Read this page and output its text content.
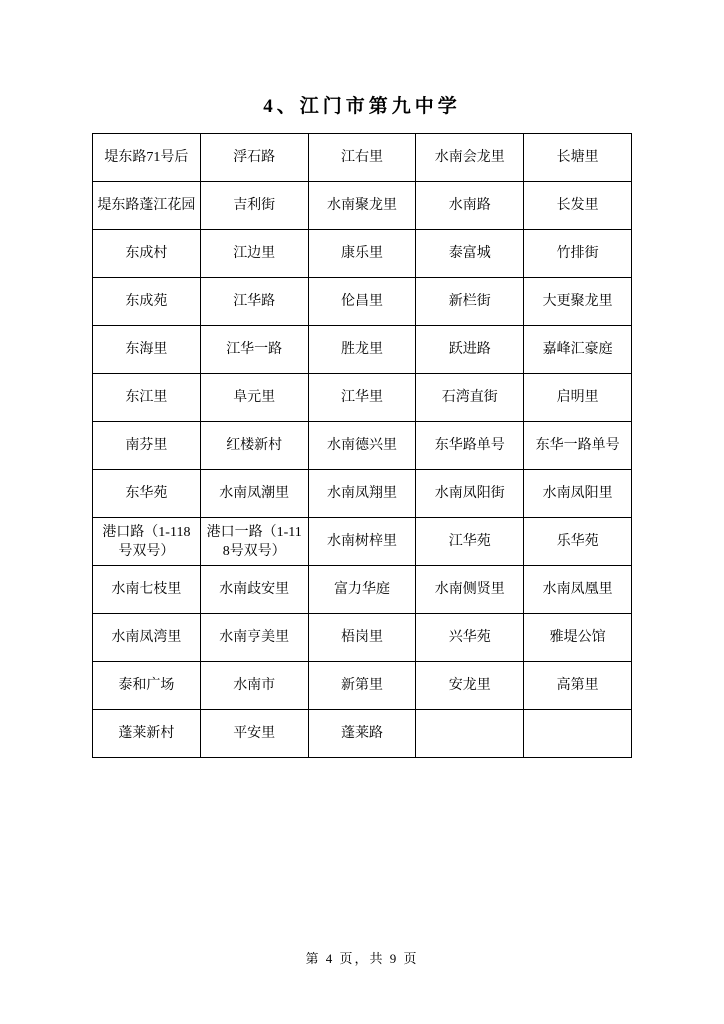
4、江门市第九中学
堤东路71号后	浮石路	江右里	水南会龙里	长塘里
堤东路蓬江花园	吉利街	水南聚龙里	水南路	长发里
东成村	江边里	康乐里	泰富城	竹排街
东成苑	江华路	伦昌里	新栏街	大更聚龙里
东海里	江华一路	胜龙里	跃进路	嘉峰汇豪庭
东江里	阜元里	江华里	石湾直街	启明里
南芬里	红楼新村	水南德兴里	东华路单号	东华一路单号
东华苑	水南凤潮里	水南凤翔里	水南凤阳街	水南凤阳里
港口路（1-118号双号）	港口一路（1-118号双号）	水南树梓里	江华苑	乐华苑
水南七枝里	水南歧安里	富力华庭	水南侧贤里	水南凤凰里
水南凤湾里	水南亨美里	梧岗里	兴华苑	雅堤公馆
泰和广场	水南市	新第里	安龙里	高第里
蓬莱新村	平安里	蓬莱路		
第 4 页，共 9 页
